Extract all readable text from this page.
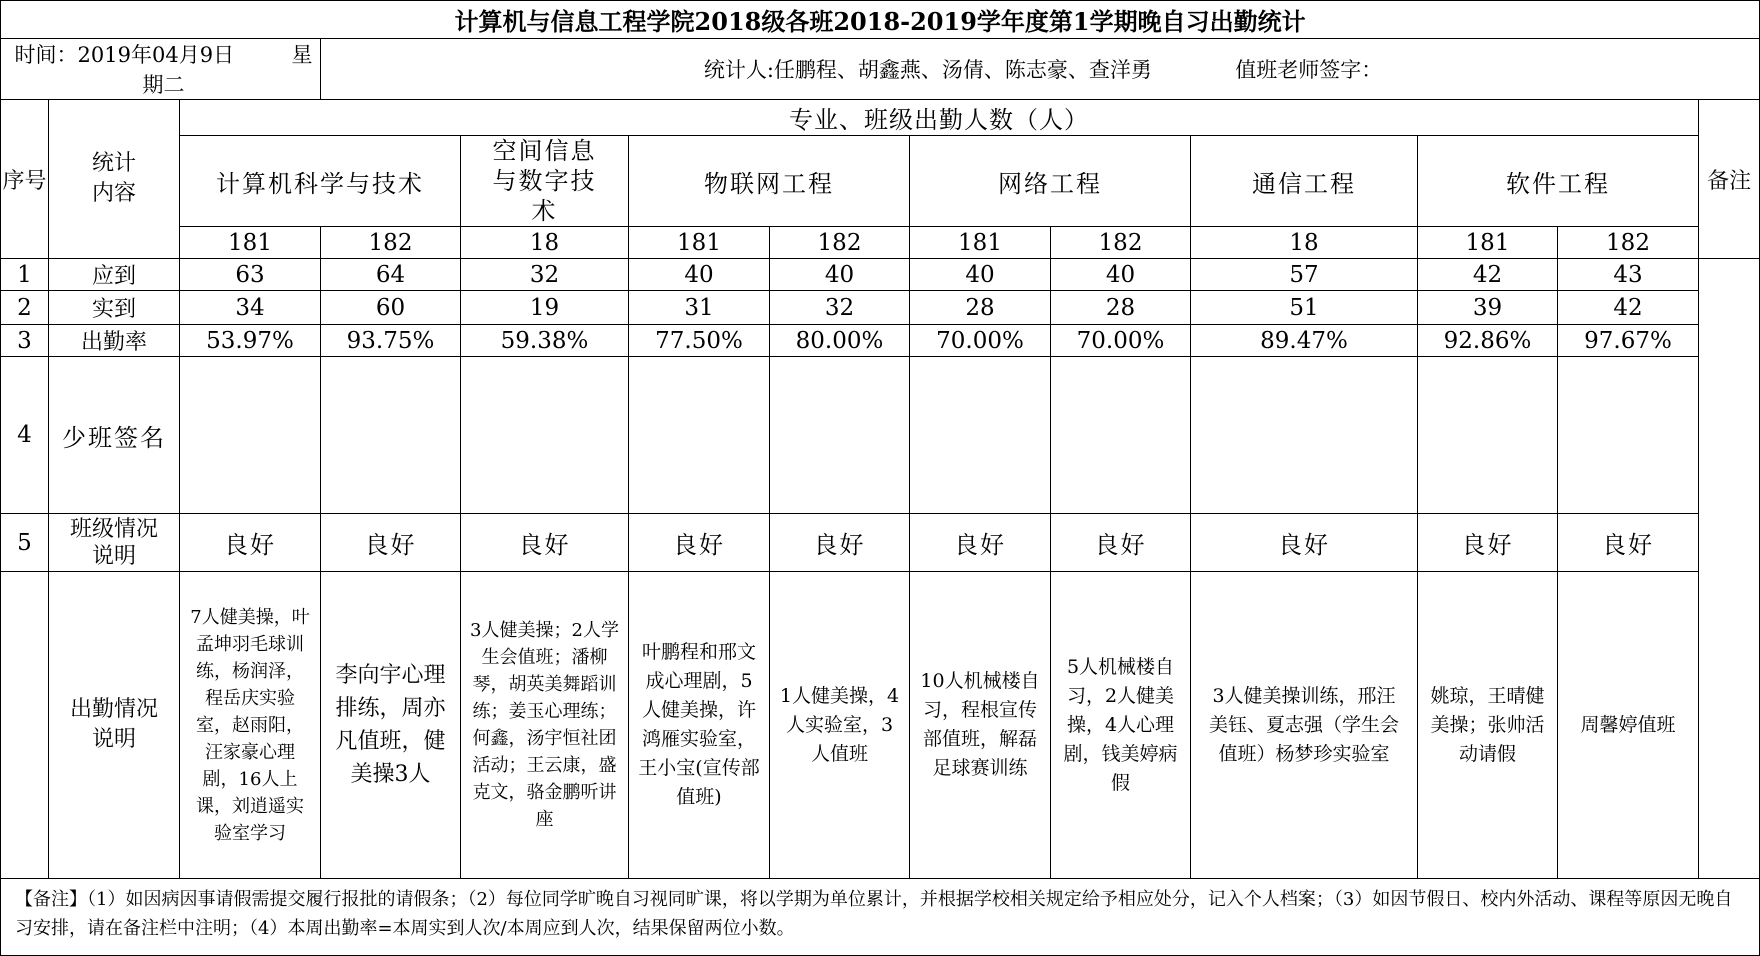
计算机与信息工程学院2018级各班2018-2019学年度第1学期晚自习出勤统计												
时间：2019年04月9日 星期二			统计人:任鹏程、胡鑫燕、汤倩、陈志豪、查洋勇 值班老师签字：									
序号	统计内容	专业、班级出勤人数（人）										备注
		计算机科学与技术		空间信息与数字技术	物联网工程		网络工程		通信工程	软件工程		
		181	182	18	181	182	181	182	18	181	182	
1	应到	63	64	32	40	40	40	40	57	42	43	
2	实到	34	60	19	31	32	28	28	51	39	42	
3	出勤率	53.97%	93.75%	59.38%	77.50%	80.00%	70.00%	70.00%	89.47%	92.86%	97.67%	
4	少班签名											
5	班级情况说明	良好	良好	良好	良好	良好	良好	良好	良好	良好	良好	

	出勤情况说明	7人健美操，叶孟坤羽毛球训练，杨润泽，程岳庆实验室，赵雨阳，汪家豪心理剧，16人上课，刘逍遥实验室学习	李向宇心理排练，周亦凡值班，健美操3人	3人健美操；2人学生会值班；潘柳琴，胡英美舞蹈训练；姜玉心理练；何鑫，汤宇恒社团活动；王云康，盛克文，骆金鹏听讲座	叶鹏程和邢文成心理剧，5人健美操，许鸿雁实验室，王小宝(宣传部值班)	1人健美操，4人实验室，3人值班	10人机械楼自习，程根宣传部值班，解磊足球赛训练	5人机械楼自习，2人健美操，4人心理剧，钱美婷病假	3人健美操训练，邢汪美钰、夏志强（学生会值班）杨梦珍实验室	姚琼，王晴健美操；张帅活动请假	周馨婷值班	
【备注】（1）如因病因事请假需提交履行报批的请假条；（2）每位同学旷晚自习视同旷课，将以学期为单位累计，并根据学校相关规定给予相应处分，记入个人档案；（3）如因节假日、校内外活动、课程等原因无晚自习安排，请在备注栏中注明；（4）本周出勤率=本周实到人次/本周应到人次，结果保留两位小数。												
